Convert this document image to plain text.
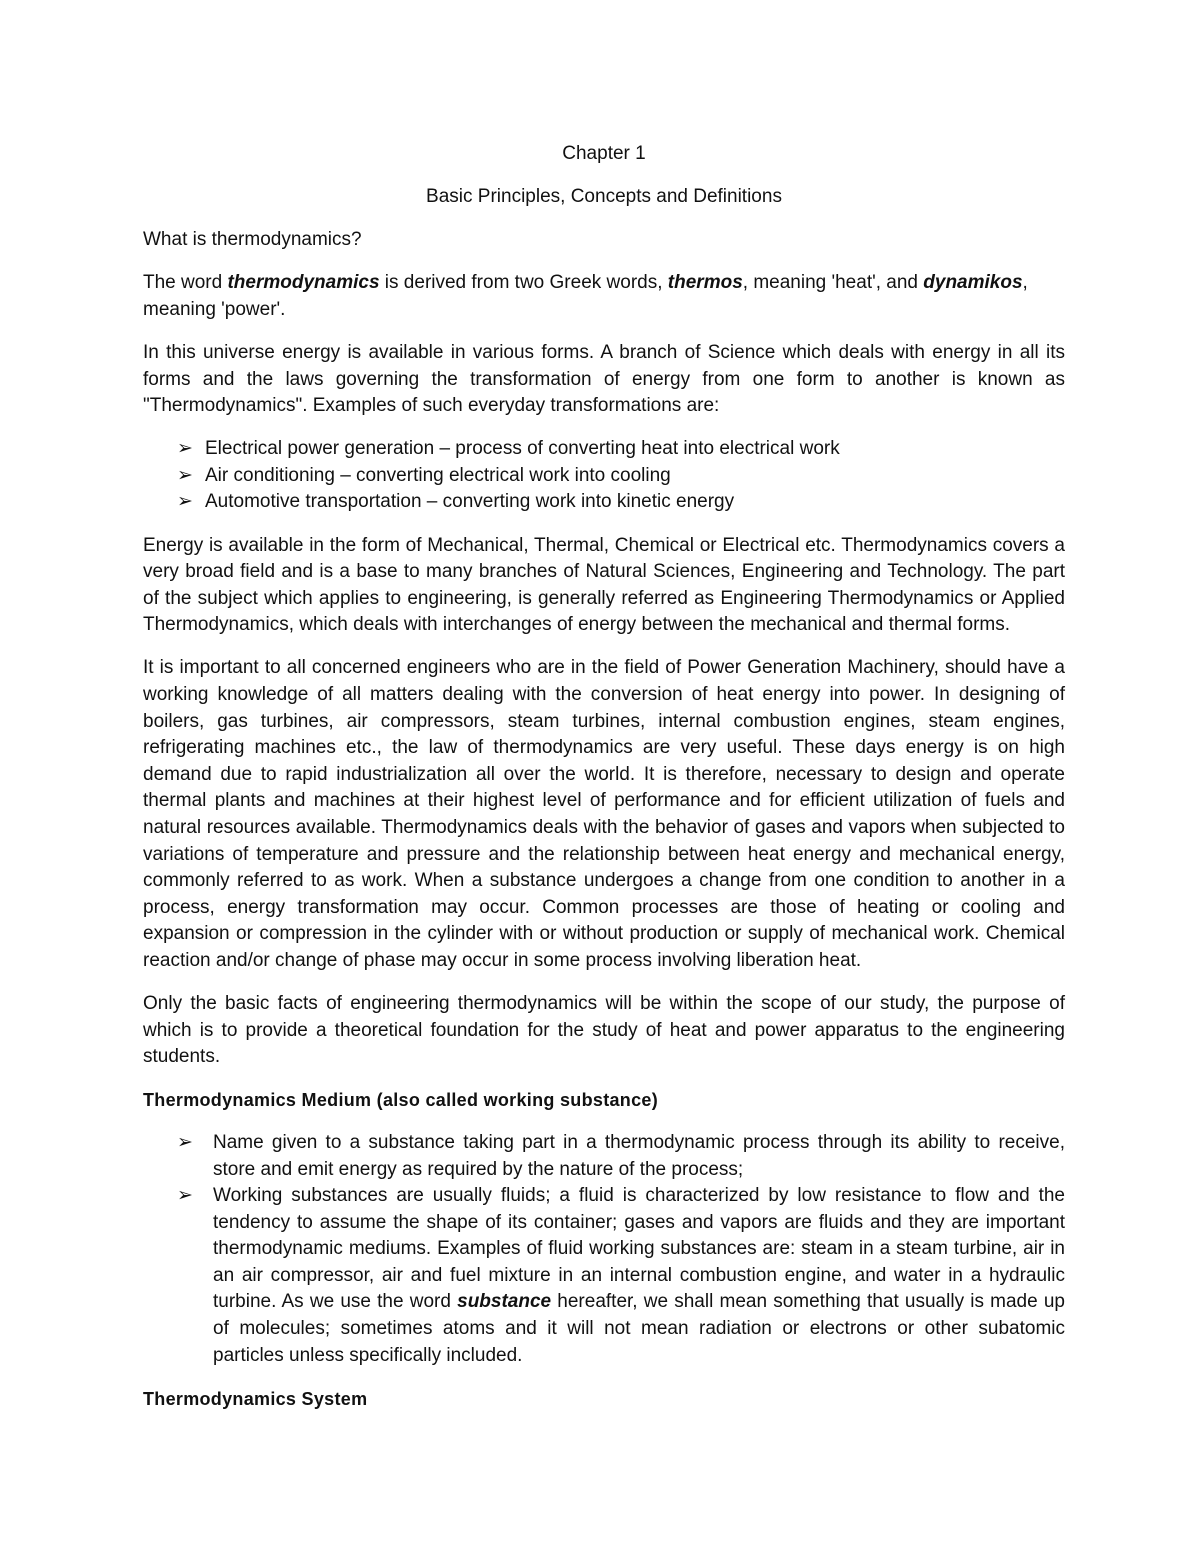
Chapter 1

Basic Principles, Concepts and Definitions

What is thermodynamics?

The word thermodynamics is derived from two Greek words, thermos, meaning 'heat', and dynamikos, meaning 'power'.

In this universe energy is available in various forms. A branch of Science which deals with energy in all its forms and the laws governing the transformation of energy from one form to another is known as "Thermodynamics". Examples of such everyday transformations are:

➢ Electrical power generation – process of converting heat into electrical work
➢ Air conditioning – converting electrical work into cooling
➢ Automotive transportation – converting work into kinetic energy

Energy is available in the form of Mechanical, Thermal, Chemical or Electrical etc. Thermodynamics covers a very broad field and is a base to many branches of Natural Sciences, Engineering and Technology. The part of the subject which applies to engineering, is generally referred as Engineering Thermodynamics or Applied Thermodynamics, which deals with interchanges of energy between the mechanical and thermal forms.

It is important to all concerned engineers who are in the field of Power Generation Machinery, should have a working knowledge of all matters dealing with the conversion of heat energy into power. In designing of boilers, gas turbines, air compressors, steam turbines, internal combustion engines, steam engines, refrigerating machines etc., the law of thermodynamics are very useful. These days energy is on high demand due to rapid industrialization all over the world. It is therefore, necessary to design and operate thermal plants and machines at their highest level of performance and for efficient utilization of fuels and natural resources available. Thermodynamics deals with the behavior of gases and vapors when subjected to variations of temperature and pressure and the relationship between heat energy and mechanical energy, commonly referred to as work. When a substance undergoes a change from one condition to another in a process, energy transformation may occur. Common processes are those of heating or cooling and expansion or compression in the cylinder with or without production or supply of mechanical work. Chemical reaction and/or change of phase may occur in some process involving liberation heat.

Only the basic facts of engineering thermodynamics will be within the scope of our study, the purpose of which is to provide a theoretical foundation for the study of heat and power apparatus to the engineering students.

Thermodynamics Medium (also called working substance)
➢ Name given to a substance taking part in a thermodynamic process through its ability to receive, store and emit energy as required by the nature of the process;
➢ Working substances are usually fluids; a fluid is characterized by low resistance to flow and the tendency to assume the shape of its container; gases and vapors are fluids and they are important thermodynamic mediums. Examples of fluid working substances are: steam in a steam turbine, air in an air compressor, air and fuel mixture in an internal combustion engine, and water in a hydraulic turbine. As we use the word substance hereafter, we shall mean something that usually is made up of molecules; sometimes atoms and it will not mean radiation or electrons or other subatomic particles unless specifically included.
Thermodynamics System
